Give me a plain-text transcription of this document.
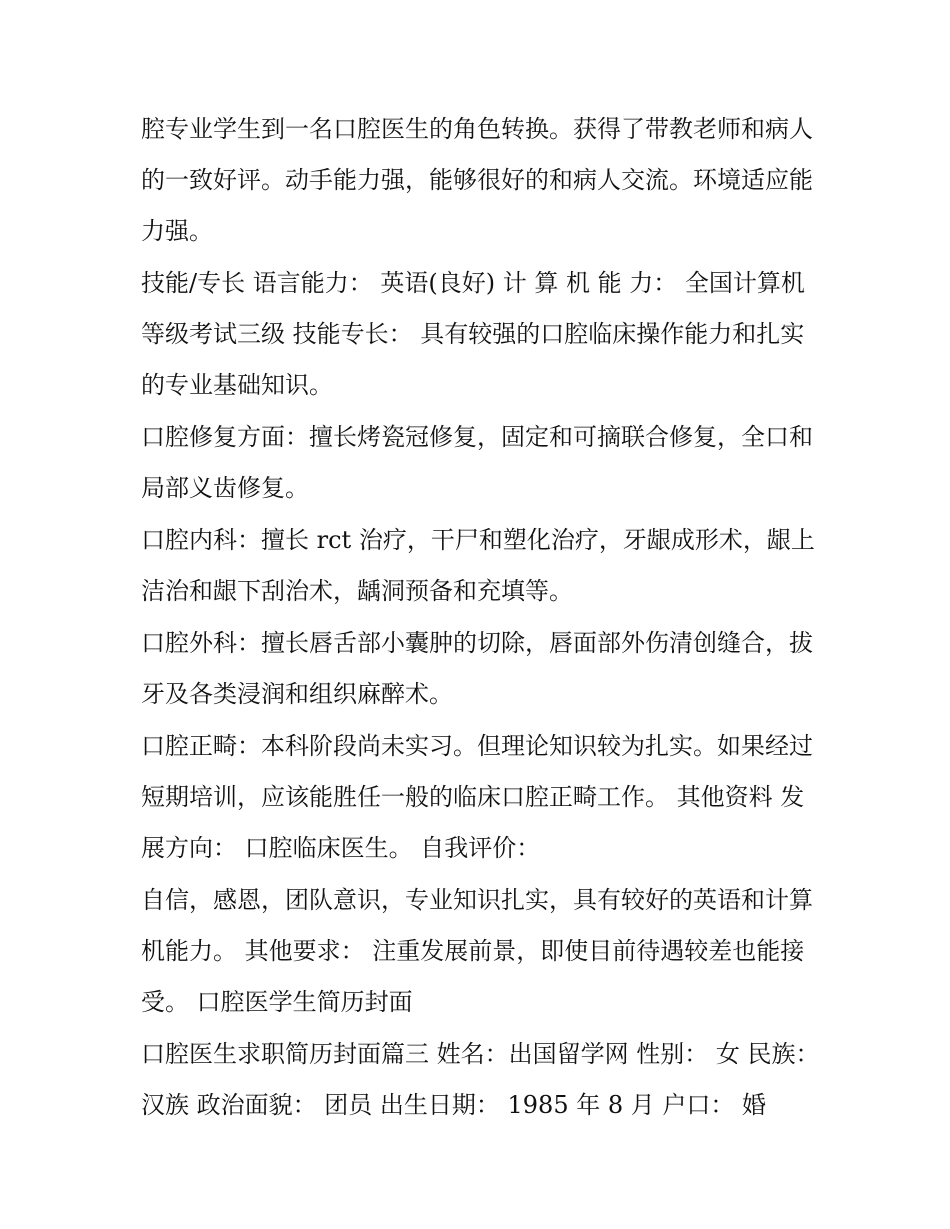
腔专业学生到一名口腔医生的角色转换。获得了带教老师和病人的一致好评。动手能力强，能够很好的和病人交流。环境适应能力强。

技能/专长 语言能力： 英语(良好) 计 算 机 能 力： 全国计算机等级考试三级 技能专长： 具有较强的口腔临床操作能力和扎实的专业基础知识。

口腔修复方面：擅长烤瓷冠修复，固定和可摘联合修复，全口和局部义齿修复。

口腔内科：擅长 rct 治疗，干尸和塑化治疗，牙龈成形术，龈上洁治和龈下刮治术，龋洞预备和充填等。

口腔外科：擅长唇舌部小囊肿的切除，唇面部外伤清创缝合，拔牙及各类浸润和组织麻醉术。

口腔正畸：本科阶段尚未实习。但理论知识较为扎实。如果经过短期培训，应该能胜任一般的临床口腔正畸工作。 其他资料 发展方向： 口腔临床医生。 自我评价：

自信，感恩，团队意识，专业知识扎实，具有较好的英语和计算机能力。 其他要求： 注重发展前景，即使目前待遇较差也能接受。 口腔医学生简历封面

口腔医生求职简历封面篇三 姓名：出国留学网 性别： 女 民族： 汉族 政治面貌： 团员 出生日期： 1985 年 8 月 户口： 婚
